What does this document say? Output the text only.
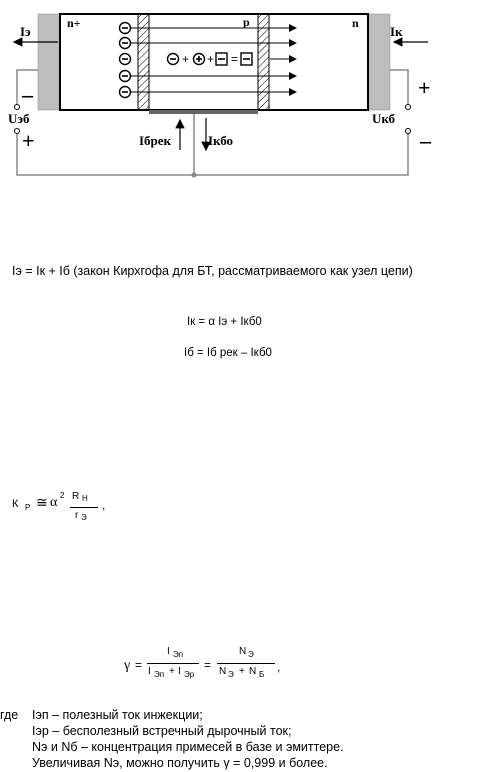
+ + =
Iэ	Iк
n+	p	n
–
Uэб
+
+
Uкб
–
Iбрек	Iкбо
Iэ = Iк + Iб (закон Кирхгофа для БТ, рассматриваемого как узел цепи)
Iк = α Iэ + Iкб0
Iб = Iб рек – Iкб0
К Р ≅ α 2 R Н
r Э
,
γ =
I Эп
I Эп + I Эр
=
N Э
N Э + N Б
,
где Iэп – полезный ток инжекции;
Iэр – бесполезный встречный дырочный ток;
Nэ и Nб – концентрация примесей в базе и эмиттере.
Увеличивая Nэ, можно получить γ = 0,999 и более.
